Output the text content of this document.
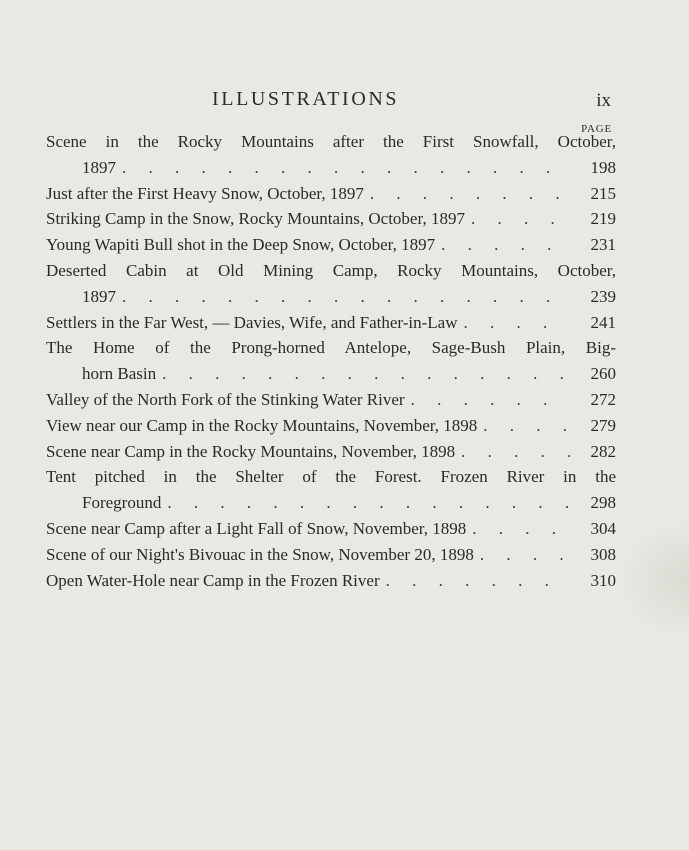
ILLUSTRATIONS	ix
PAGE
Scene in the Rocky Mountains after the First Snowfall, October,
1897 . . .	198
Just after the First Heavy Snow, October, 1897 . . .	215
Striking Camp in the Snow, Rocky Mountains, October, 1897 . . .	219
Young Wapiti Bull shot in the Deep Snow, October, 1897 . . .	231
Deserted Cabin at Old Mining Camp, Rocky Mountains, October,
1897 . . .	239
Settlers in the Far West, — Davies, Wife, and Father-in-Law . . .	241
The Home of the Prong-horned Antelope, Sage-Bush Plain, Big-
horn Basin . . .	260
Valley of the North Fork of the Stinking Water River . . .	272
View near our Camp in the Rocky Mountains, November, 1898 . . .	279
Scene near Camp in the Rocky Mountains, November, 1898 . . .	282
Tent pitched in the Shelter of the Forest. Frozen River in the
Foreground . . .	298
Scene near Camp after a Light Fall of Snow, November, 1898 . . .	304
Scene of our Night's Bivouac in the Snow, November 20, 1898 . . .	308
Open Water-Hole near Camp in the Frozen River . . .	310
